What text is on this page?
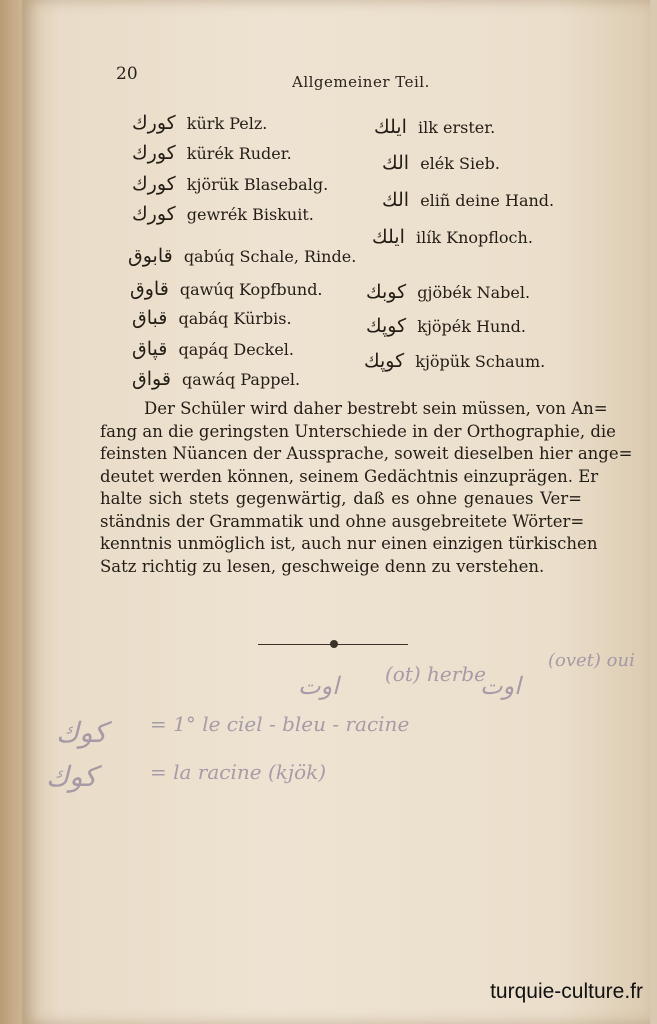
20	Allgemeiner Teil.
کورك kürk Pelz.
کورك kürék Ruder.
کورك kjörük Blasebalg.
کورك gewrék Biskuit.
قابوق qabúq Schale, Rinde.
قاوق qawúq Kopfbund.
قباق qabáq Kürbis.
قپاق qapáq Deckel.
قواق qawáq Pappel.
ايلك ilk erster.
الك elék Sieb.
الك eliñ deine Hand.
ايلك ilík Knopfloch.
کوبك gjöbék Nabel.
کوپك kjöpék Hund.
کوپك kjöpük Schaum.
Der Schüler wird daher bestrebt sein müssen, von An=
fang an die geringsten Unterschiede in der Orthographie, die
feinsten Nüancen der Aussprache, soweit dieselben hier ange=
deutet werden können, seinem Gedächtnis einzuprägen. Er
halte sich stets gegenwärtig, daß es ohne genaues Ver=
ständnis der Grammatik und ohne ausgebreitete Wörter=
kenntnis unmöglich ist, auch nur einen einzigen türkischen
Satz richtig zu lesen, geschweige denn zu verstehen.
اوت
(ot) herbe
اوت
(ovet) oui
کوك = 1° le ciel - bleu - racine
کوك	= la racine (kjök)
turquie-culture.fr
